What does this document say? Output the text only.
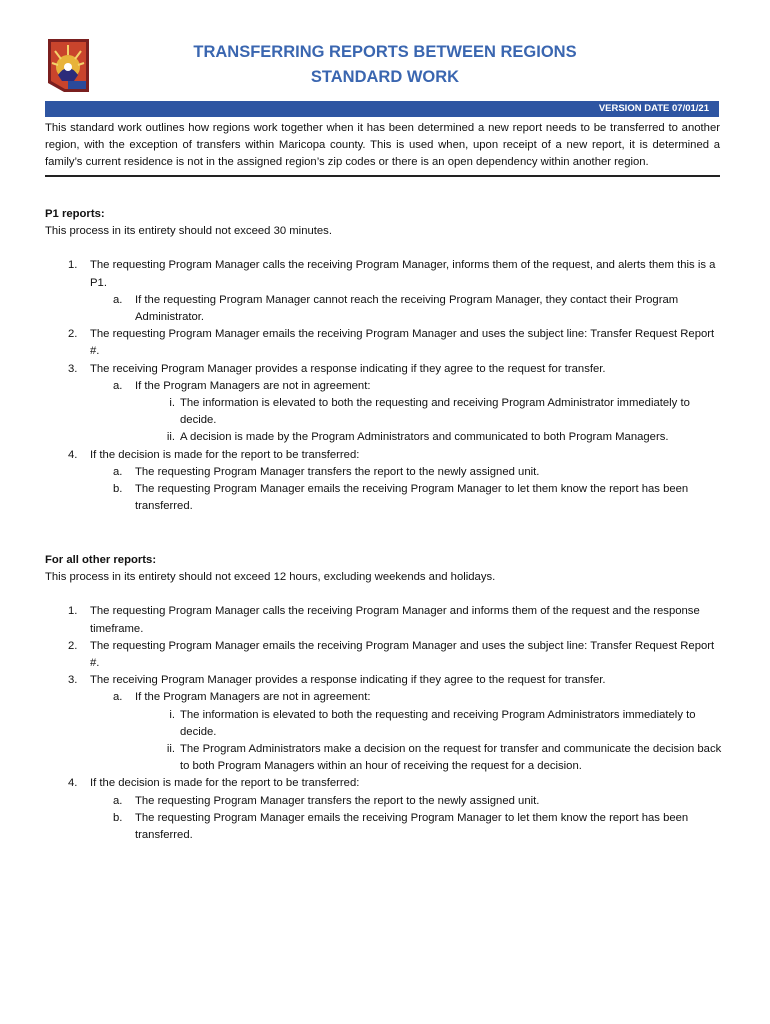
TRANSFERRING REPORTS BETWEEN REGIONS
STANDARD WORK
VERSION DATE 07/01/21
This standard work outlines how regions work together when it has been determined a new report needs to be transferred to another region, with the exception of transfers within Maricopa county. This is used when, upon receipt of a new report, it is determined a family’s current residence is not in the assigned region’s zip codes or there is an open dependency within another region.
P1 reports:
This process in its entirety should not exceed 30 minutes.
1. The requesting Program Manager calls the receiving Program Manager, informs them of the request, and alerts them this is a P1.
a. If the requesting Program Manager cannot reach the receiving Program Manager, they contact their Program Administrator.
2. The requesting Program Manager emails the receiving Program Manager and uses the subject line: Transfer Request Report #.
3. The receiving Program Manager provides a response indicating if they agree to the request for transfer.
a. If the Program Managers are not in agreement:
i. The information is elevated to both the requesting and receiving Program Administrator immediately to decide.
ii. A decision is made by the Program Administrators and communicated to both Program Managers.
4. If the decision is made for the report to be transferred:
a. The requesting Program Manager transfers the report to the newly assigned unit.
b. The requesting Program Manager emails the receiving Program Manager to let them know the report has been transferred.
For all other reports:
This process in its entirety should not exceed 12 hours, excluding weekends and holidays.
1. The requesting Program Manager calls the receiving Program Manager and informs them of the request and the response timeframe.
2. The requesting Program Manager emails the receiving Program Manager and uses the subject line: Transfer Request Report #.
3. The receiving Program Manager provides a response indicating if they agree to the request for transfer.
a. If the Program Managers are not in agreement:
i. The information is elevated to both the requesting and receiving Program Administrators immediately to decide.
ii. The Program Administrators make a decision on the request for transfer and communicate the decision back to both Program Managers within an hour of receiving the request for a decision.
4. If the decision is made for the report to be transferred:
a. The requesting Program Manager transfers the report to the newly assigned unit.
b. The requesting Program Manager emails the receiving Program Manager to let them know the report has been transferred.
